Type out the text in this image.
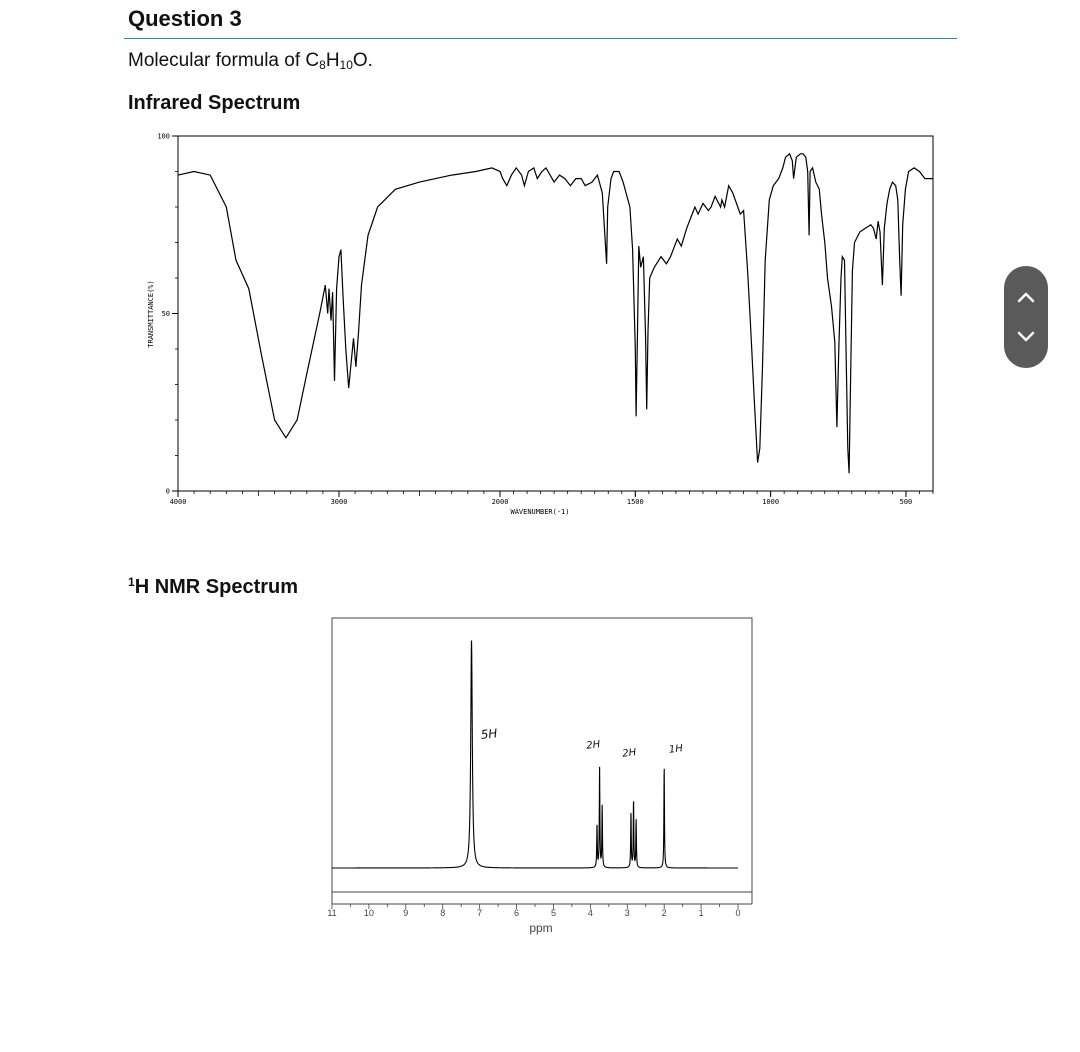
Question 3
Molecular formula of $C_8H_{10}O$.
Infrared Spectrum
4000	3000	2000	1500	1000	500
100
50
0
WAVENUMBER(-1)
TRANSMITTANCE(%)
$^1$H NMR Spectrum
11	10	9	8	7	6	5	4	3	2	1	0
5H
2H
2H	1H
ppm
